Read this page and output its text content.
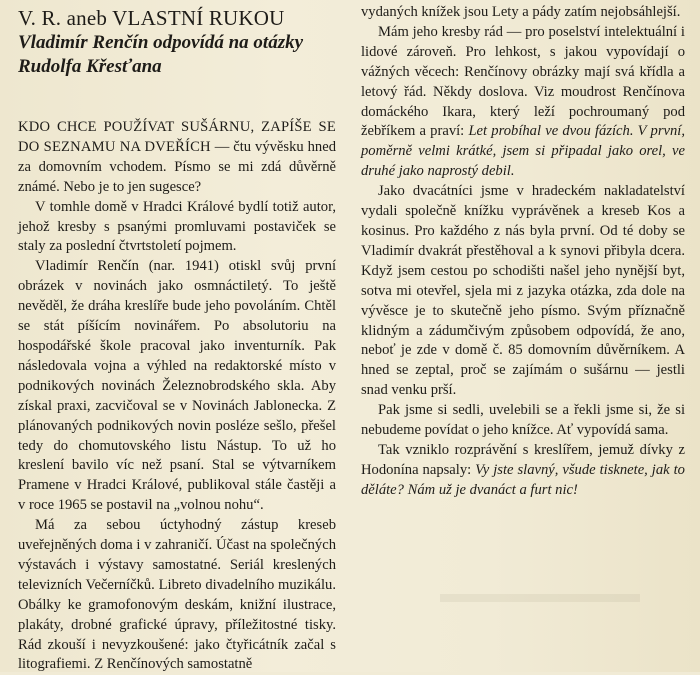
V. R. aneb VLASTNÍ RUKOU
Vladimír Renčín odpovídá na otázky Rudolfa Křesťana

KDO CHCE POUŽÍVAT SUŠÁRNU, ZAPÍŠE SE DO SEZNAMU NA DVEŘÍCH — čtu vývěsku hned za domovním vchodem. Písmo se mi zdá důvěrně známé. Nebo je to jen sugesce?

V tomhle domě v Hradci Králové bydlí totiž autor, jehož kresby s psanými promluvami postaviček se staly za poslední čtvrtstoletí pojmem.

Vladimír Renčín (nar. 1941) otiskl svůj první obrázek v novinách jako osmnáctiletý. To ještě nevěděl, že dráha kreslíře bude jeho povoláním. Chtěl se stát píšícím novinářem. Po absolutoriu na hospodářské škole pracoval jako inventurník. Pak následovala vojna a výhled na redaktorské místo v podnikových novinách Železnobrodského skla. Aby získal praxi, zacvičoval se v Novinách Jablonecka. Z plánovaných podnikových novin posléze sešlo, přešel tedy do chomutovského listu Nástup. To už ho kreslení bavilo víc než psaní. Stal se výtvarníkem Pramene v Hradci Králové, publikoval stále častěji a v roce 1965 se postavil na „volnou nohu“.

Má za sebou úctyhodný zástup kreseb uveřejněných doma i v zahraničí. Účast na společných výstavách i výstavy samostatné. Seriál kreslených televizních Večerníčků. Libreto divadelního muzikálu. Obálky ke gramofonovým deskám, knižní ilustrace, plakáty, drobné grafické úpravy, příležitostné tisky. Rád zkouší i nevyzkoušené: jako čtyřicátník začal s litografiemi. Z Renčínových samostatně

vydaných knížek jsou Lety a pády zatím nejobsáhlejší.

Mám jeho kresby rád — pro poselství intelektuální i lidové zároveň. Pro lehkost, s jakou vypovídají o vážných věcech: Renčínovy obrázky mají svá křídla a letový řád. Někdy doslova. Viz moudrost Renčínova domáckého Ikara, který leží pochroumaný pod žebříkem a praví: Let probíhal ve dvou fázích. V první, poměrně velmi krátké, jsem si připadal jako orel, ve druhé jako naprostý debil.

Jako dvacátníci jsme v hradeckém nakladatelství vydali společně knížku vyprávěnek a kreseb Kos a kosinus. Pro každého z nás byla první. Od té doby se Vladimír dvakrát přestěhoval a k synovi přibyla dcera. Když jsem cestou po schodišti našel jeho nynější byt, sotva mi otevřel, sjela mi z jazyka otázka, zda dole na vývěsce je to skutečně jeho písmo. Svým příznačně klidným a zádumčivým způsobem odpovídá, že ano, neboť je zde v domě č. 85 domovním důvěrníkem. A hned se zeptal, proč se zajímám o sušárnu — jestli snad venku prší.

Pak jsme si sedli, uvelebili se a řekli jsme si, že si nebudeme povídat o jeho knížce. Ať vypovídá sama.

Tak vzniklo rozprávění s kreslířem, jemuž dívky z Hodonína napsaly: Vy jste slavný, všude tisknete, jak to děláte? Nám už je dvanáct a furt nic!
